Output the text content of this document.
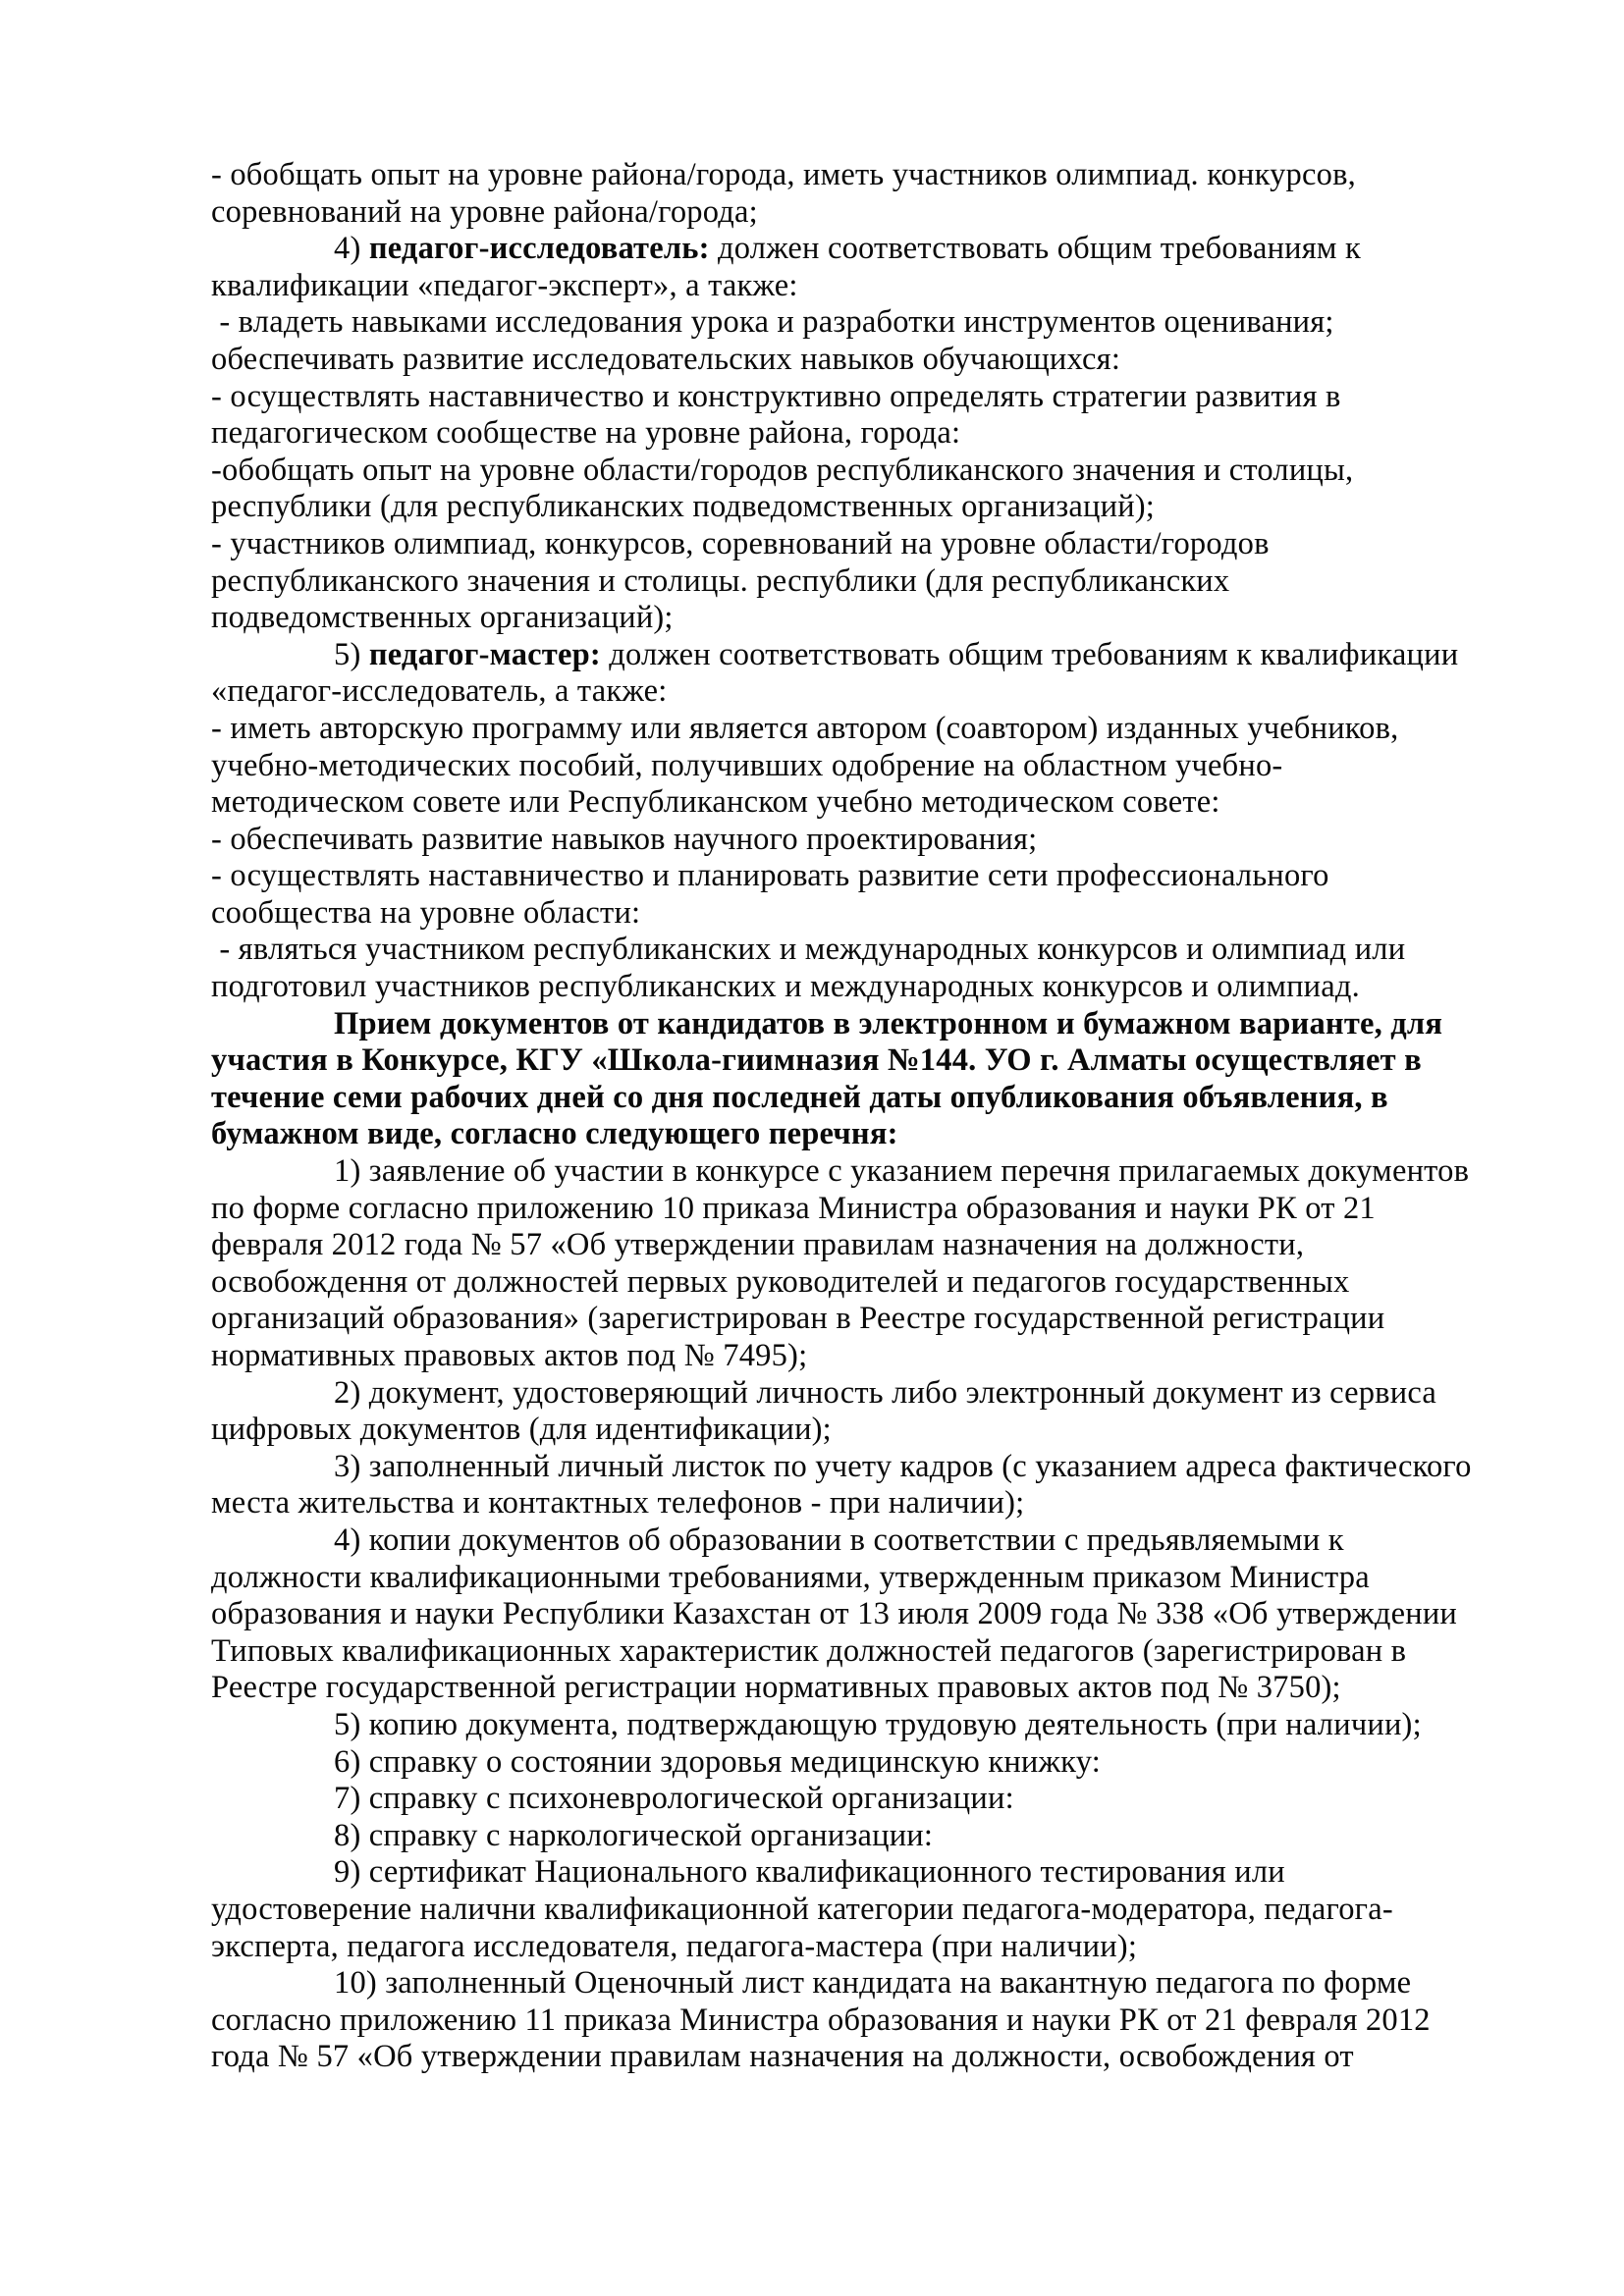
- обобщать опыт на уровне района/города, иметь участников олимпиад. конкурсов,
соревнований на уровне района/города;
4) педагог-исследователь: должен соответствовать общим требованиям к
квалификации «педагог-эксперт», а также:
- владеть навыками исследования урока и разработки инструментов оценивания;
обеспечивать развитие исследовательских навыков обучающихся:
- осуществлять наставничество и конструктивно определять стратегии развития в
педагогическом сообществе на уровне района, города:
-обобщать опыт на уровне области/городов республиканского значения и столицы,
республики (для республиканских подведомственных организаций);
- участников олимпиад, конкурсов, соревнований на уровне области/городов
республиканского значения и столицы. республики (для республиканских
подведомственных организаций);
5) педагог-мастер: должен соответствовать общим требованиям к квалификации
«педагог-исследователь, а также:
- иметь авторскую программу или является автором (соавтором) изданных учебников,
учебно-методических пособий, получивших одобрение на областном учебно-
методическом совете или Республиканском учебно методическом совете:
- обеспечивать развитие навыков научного проектирования;
- осуществлять наставничество и планировать развитие сети профессионального
сообщества на уровне области:
- являться участником республиканских и международных конкурсов и олимпиад или
подготовил участников республиканских и международных конкурсов и олимпиад.
Прием документов от кандидатов в электронном и бумажном варианте, для
участия в Конкурсе, КГУ «Школа-гиимназия №144. УО г. Алматы осуществляет в
течение семи рабочих дней со дня последней даты опубликования объявления, в
бумажном виде, согласно следующего перечня:
1) заявление об участии в конкурсе с указанием перечня прилагаемых документов
по форме согласно приложению 10 приказа Министра образования и науки РК от 21
февраля 2012 года № 57 «Об утверждении правилам назначения на должности,
освобождення от должностей первых руководителей и педагогов государственных
организаций образования» (зарегистрирован в Реестре государственной регистрации
нормативных правовых актов под № 7495);
2) документ, удостоверяющий личность либо электронный документ из сервиса
цифровых документов (для идентификации);
3) заполненный личный листок по учету кадров (с указанием адреса фактического
места жительства и контактных телефонов - при наличии);
4) копии документов об образовании в соответствии с предьявляемыми к
должности квалификационными требованиями, утвержденным приказом Министра
образования и науки Республики Казахстан от 13 июля 2009 года № 338 «Об утверждении
Типовых квалификационных характеристик должностей педагогов (зарегистрирован в
Реестре государственной регистрации нормативных правовых актов под № 3750);
5) копию документа, подтверждающую трудовую деятельность (при наличии);
6) справку о состоянии здоровья медицинскую книжку:
7) справку с психоневрологической организации:
8) справку с наркологической организации:
9) сертификат Национального квалификационного тестирования или
удостоверение налични квалификационной категории педагога-модератора, педагога-
эксперта, педагога исследователя, педагога-мастера (при наличии);
10) заполненный Оценочный лист кандидата на вакантную педагога по форме
согласно приложению 11 приказа Министра образования и науки РК от 21 февраля 2012
года № 57 «Об утверждении правилам назначения на должности, освобождения от
